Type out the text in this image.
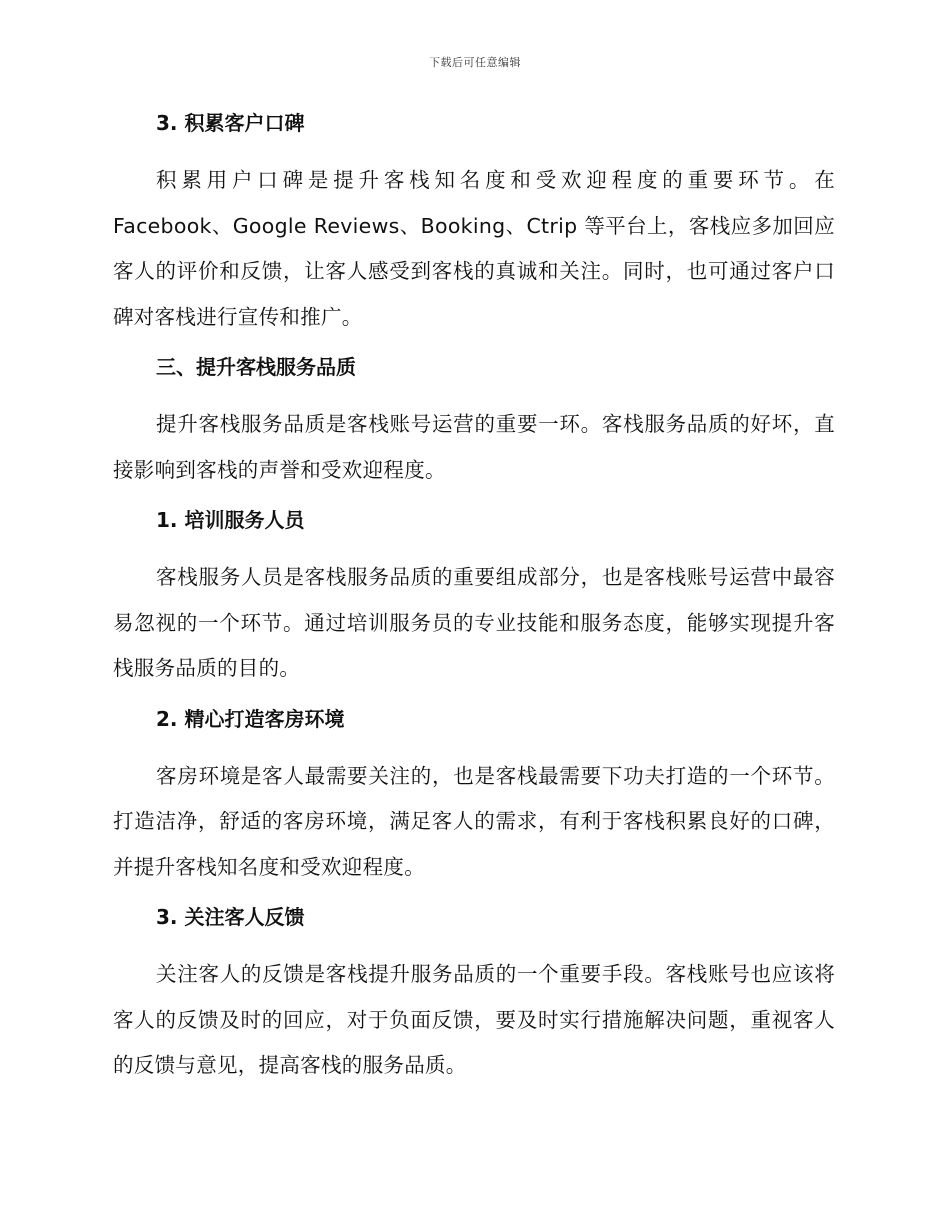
下载后可任意编辑
3. 积累客户口碑

积累用户口碑是提升客栈知名度和受欢迎程度的重要环节。在 Facebook、Google Reviews、Booking、Ctrip 等平台上，客栈应多加回应客人的评价和反馈，让客人感受到客栈的真诚和关注。同时，也可通过客户口碑对客栈进行宣传和推广。

三、提升客栈服务品质

提升客栈服务品质是客栈账号运营的重要一环。客栈服务品质的好坏，直接影响到客栈的声誉和受欢迎程度。

1. 培训服务人员

客栈服务人员是客栈服务品质的重要组成部分，也是客栈账号运营中最容易忽视的一个环节。通过培训服务员的专业技能和服务态度，能够实现提升客栈服务品质的目的。

2. 精心打造客房环境

客房环境是客人最需要关注的，也是客栈最需要下功夫打造的一个环节。打造洁净，舒适的客房环境，满足客人的需求，有利于客栈积累良好的口碑，并提升客栈知名度和受欢迎程度。

3. 关注客人反馈

关注客人的反馈是客栈提升服务品质的一个重要手段。客栈账号也应该将客人的反馈及时的回应，对于负面反馈，要及时实行措施解决问题，重视客人的反馈与意见，提高客栈的服务品质。
